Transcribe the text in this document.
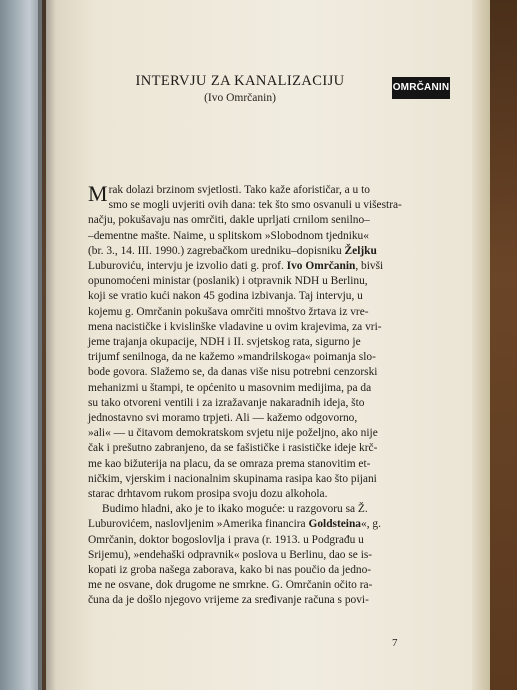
OMRČANIN
INTERVJU ZA KANALIZACIJU
(Ivo Omrčanin)
M rak dolazi brzinom svjetlosti. Tako kaže aforističar, a u to
smo se mogli uvjeriti ovih dana: tek što smo osvanuli u višestra-
načju, pokušavaju nas omrčiti, dakle uprljati crnilom senilno–
–dementne mašte. Naime, u splitskom »Slobodnom tjedniku«
(br. 3., 14. III. 1990.) zagrebačkom uredniku–dopisniku Željku
Luburoviću, intervju je izvolio dati g. prof. Ivo Omrčanin, bivši
opunomoćeni ministar (poslanik) i otpravnik NDH u Berlinu,
koji se vratio kući nakon 45 godina izbivanja. Taj intervju, u
kojemu g. Omrčanin pokušava omrčiti mnoštvo žrtava iz vre-
mena nacističke i kvislinške vladavine u ovim krajevima, za vri-
jeme trajanja okupacije, NDH i II. svjetskog rata, sigurno je
trijumf senilnoga, da ne kažemo »mandrilskoga« poimanja slo-
bode govora. Slažemo se, da danas više nisu potrebni cenzorski
mehanizmi u štampi, te općenito u masovnim medijima, pa da
su tako otvoreni ventili i za izražavanje nakaradnih ideja, što
jednostavno svi moramo trpjeti. Ali — kažemo odgovorno,
»ali« — u čitavom demokratskom svjetu nije poželjno, ako nije
čak i prešutno zabranjeno, da se fašističke i rasističke ideje krč-
me kao bižuterija na placu, da se omraza prema stanovitim et-
ničkim, vjerskim i nacionalnim skupinama rasipa kao što pijani
starac drhtavom rukom prosipa svoju dozu alkohola.
Budimo hladni, ako je to ikako moguće: u razgovoru sa Ž.
Luburovićem, naslovljenim »Amerika financira Goldsteina«, g.
Omrčanin, doktor bogoslovlja i prava (r. 1913. u Podgrađu u
Srijemu), »endehaški odpravnik« poslova u Berlinu, dao se is-
kopati iz groba našega zaborava, kako bi nas poučio da jedno-
me ne osvane, dok drugome ne smrkne. G. Omrčanin očito ra-
čuna da je došlo njegovo vrijeme za sređivanje računa s povi-
7
